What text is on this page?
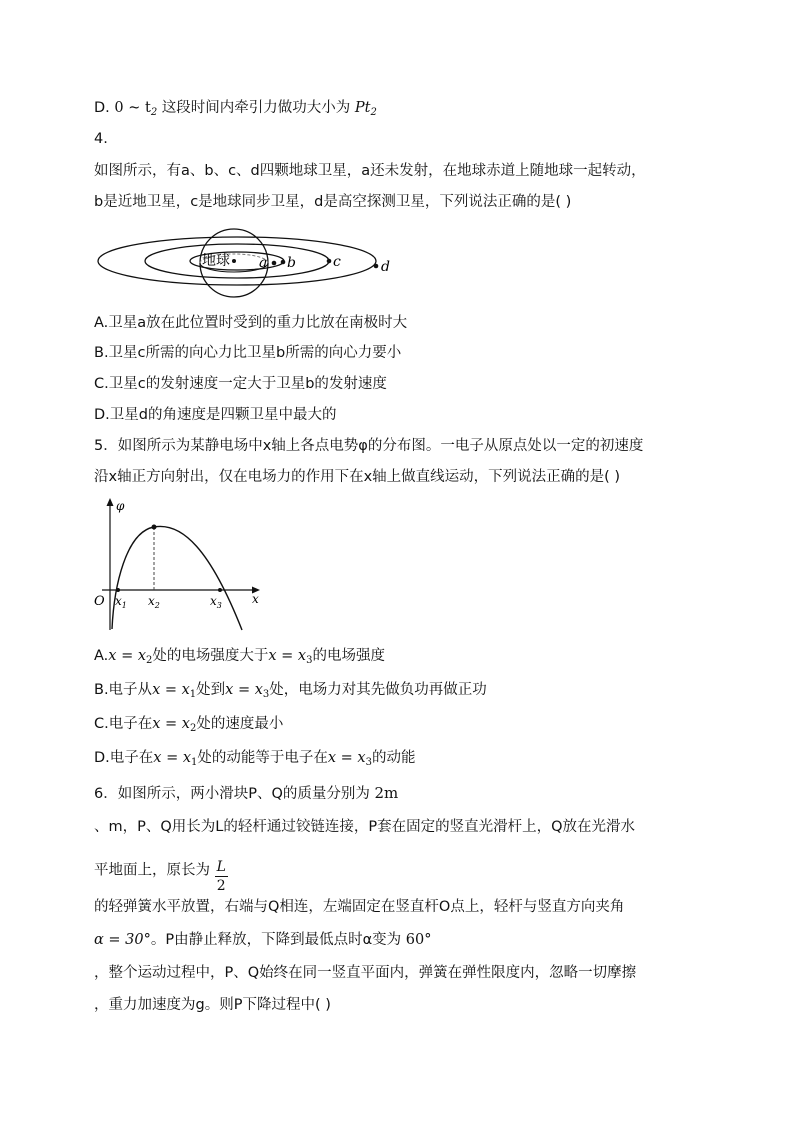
D. 0 ~ $t_2$ 这段时间内牵引力做功大小为 $Pt_2$
4.
如图所示，有a、b、c、d四颗地球卫星，a还未发射，在地球赤道上随地球一起转动，
b是近地卫星，c是地球同步卫星，d是高空探测卫星，下列说法正确的是( )
地球 a b	c	d
A.卫星a放在此位置时受到的重力比放在南极时大
B.卫星c所需的向心力比卫星b所需的向心力要小
C.卫星c的发射速度一定大于卫星b的发射速度
D.卫星d的角速度是四颗卫星中最大的
5．如图所示为某静电场中x轴上各点电势φ的分布图。一电子从原点处以一定的初速度
沿x轴正方向射出，仅在电场力的作用下在x轴上做直线运动，下列说法正确的是( )
φ
x
O $x_1$ $x_2$	$x_3$
$A.x = x_2$处的电场强度大于$x = x_3$的电场强度
B.电子从$x = x_1$处到$x = x_3$处，电场力对其先做负功再做正功
C.电子在$x = x_2$处的速度最小
D.电子在$x = x_1$处的动能等于电子在$x = x_3$的动能
6．如图所示，两小滑块P、Q的质量分别为 2m
、m，P、Q用长为L的轻杆通过铰链连接，P套在固定的竖直光滑杆上，Q放在光滑水
平地面上，原长为 $\frac{L}{2}$
的轻弹簧水平放置，右端与Q相连，左端固定在竖直杆O点上，轻杆与竖直方向夹角
α = 30°。P由静止释放，下降到最低点时α变为 60°
，整个运动过程中，P、Q始终在同一竖直平面内，弹簧在弹性限度内，忽略一切摩擦
，重力加速度为g。则P下降过程中( )
